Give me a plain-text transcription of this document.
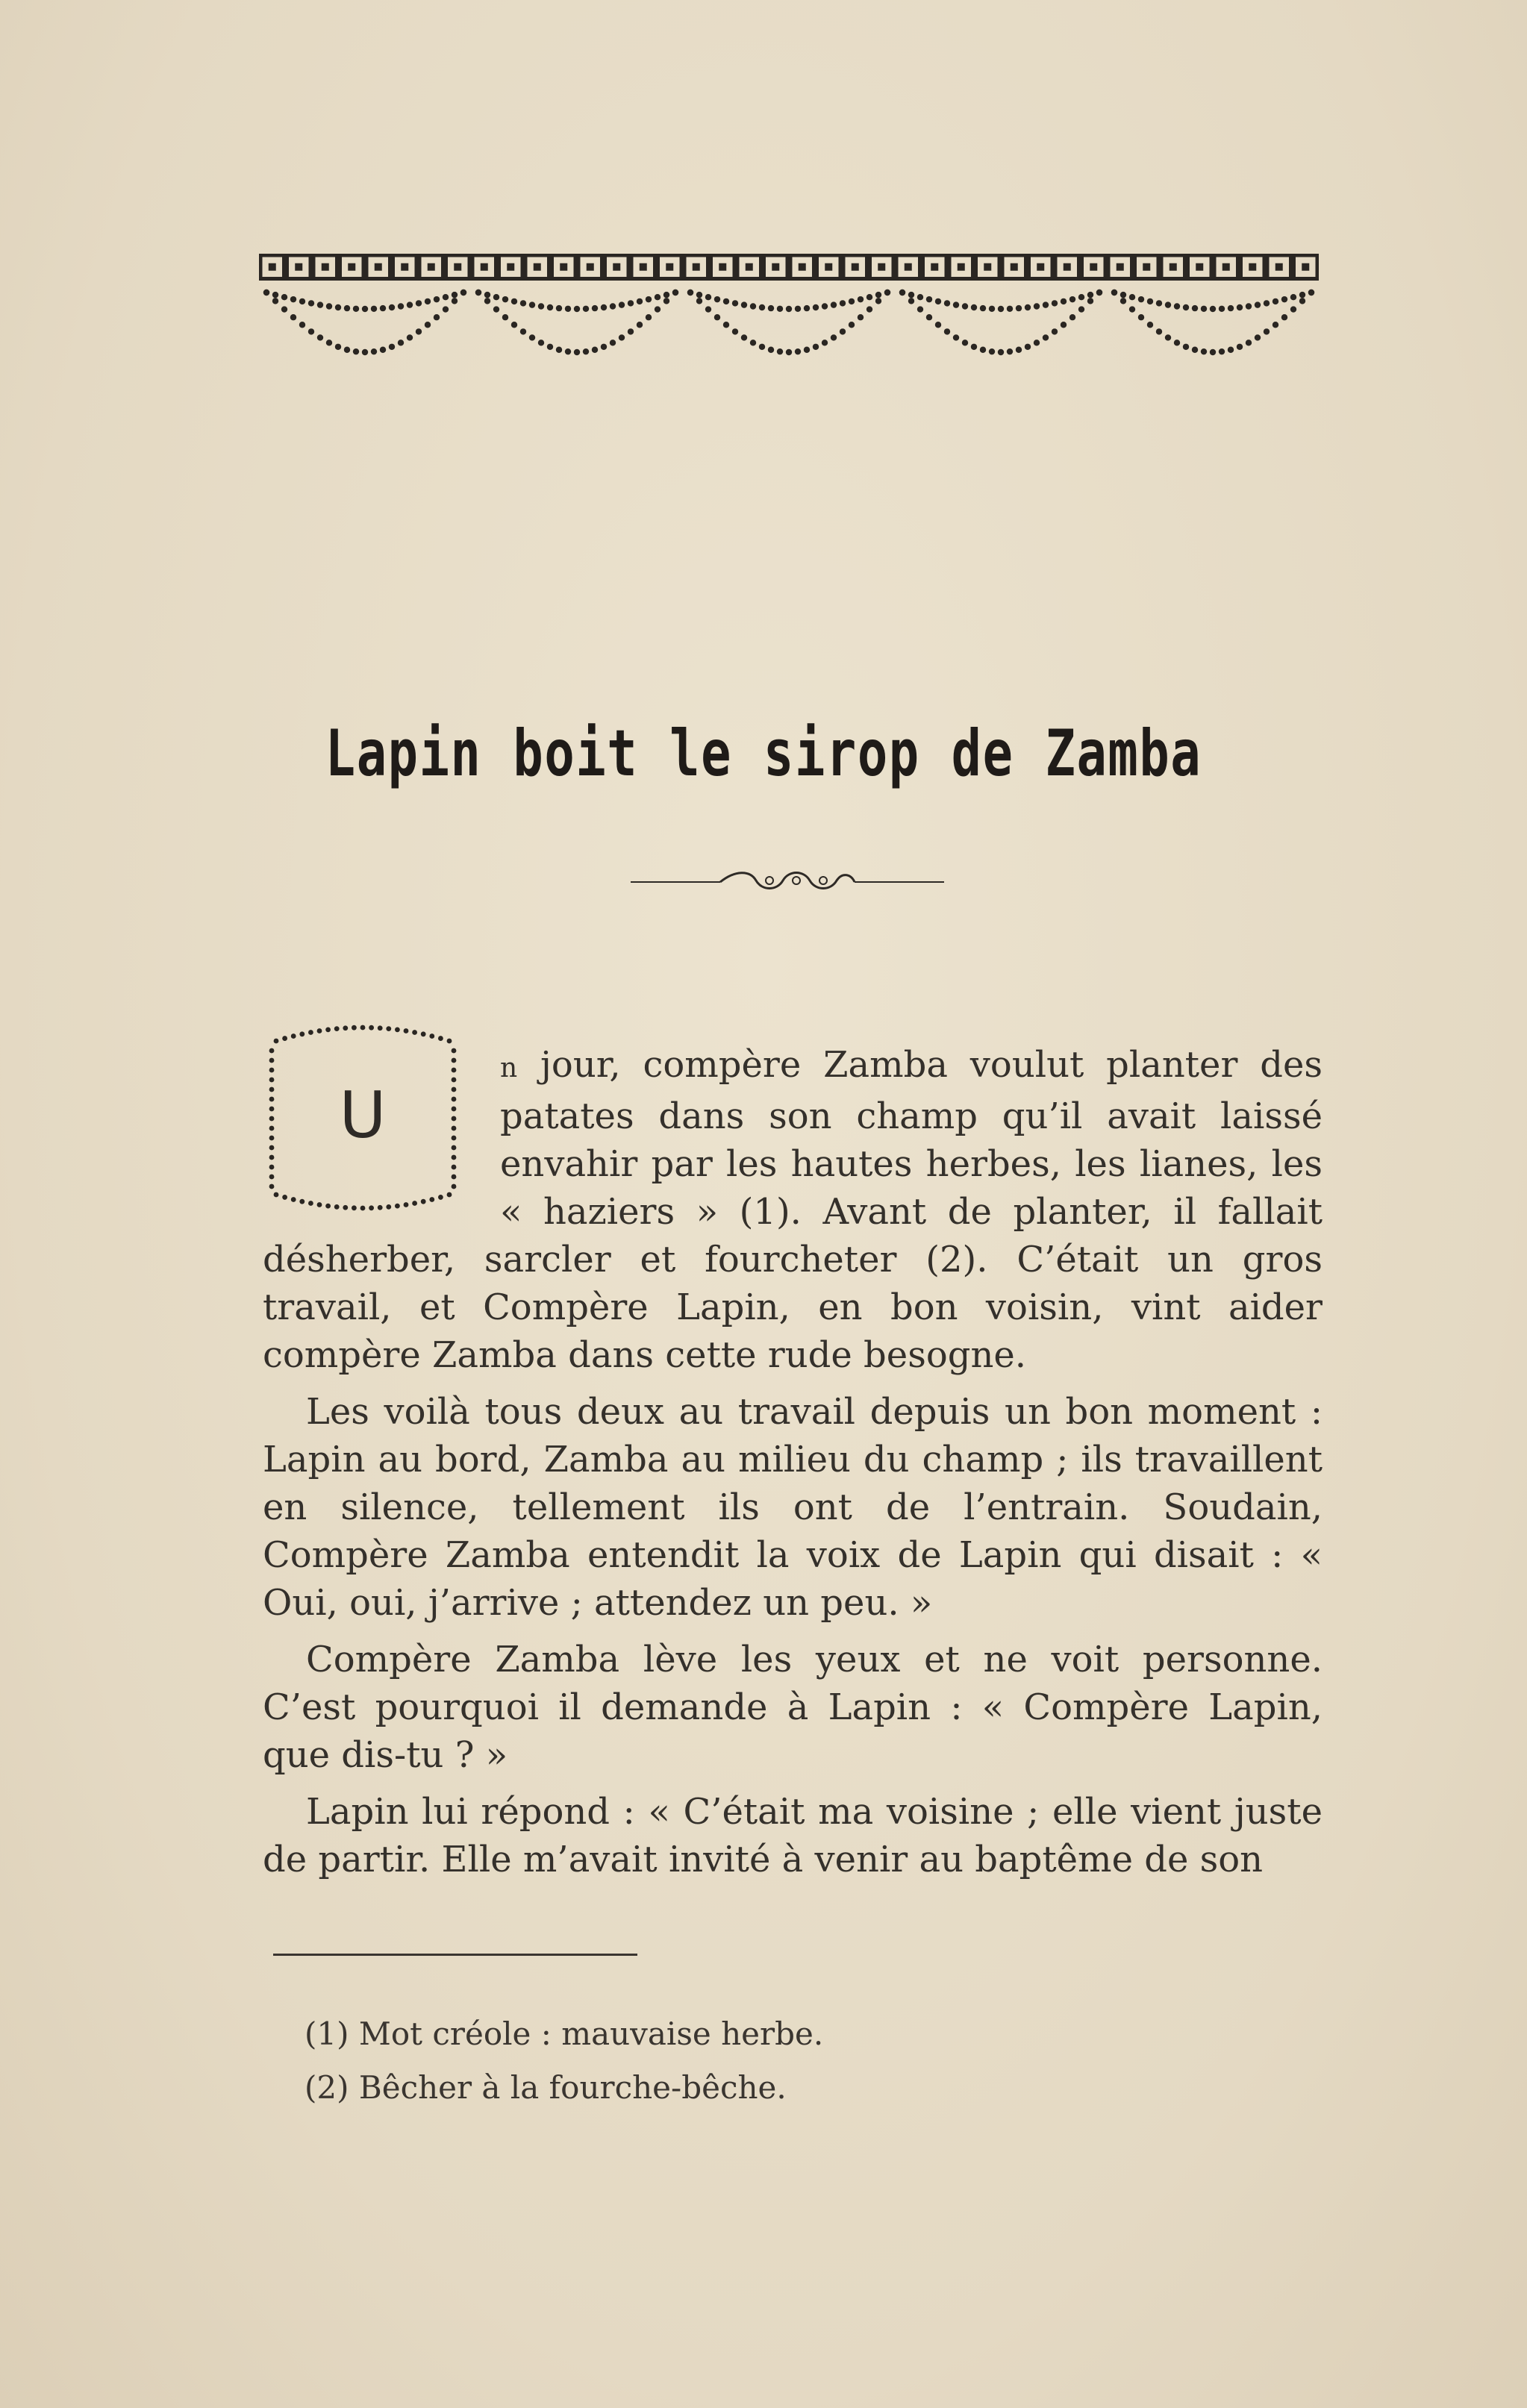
Lapin boit le sirop de Zamba
U

n jour, compère Zamba voulut planter des patates dans son champ qu’il avait laissé envahir par les hautes herbes, les lianes, les « haziers » (1). Avant de planter, il fallait désherber, sarcler et fourcheter (2). C’était un gros travail, et Compère Lapin, en bon voisin, vint aider compère Zamba dans cette rude besogne.

Les voilà tous deux au travail depuis un bon moment : Lapin au bord, Zamba au milieu du champ ; ils travaillent en silence, tellement ils ont de l’entrain. Soudain, Compère Zamba entendit la voix de Lapin qui disait : « Oui, oui, j’arrive ; attendez un peu. »

Compère Zamba lève les yeux et ne voit personne. C’est pourquoi il demande à Lapin : « Compère Lapin, que dis-tu ? »

Lapin lui répond : « C’était ma voisine ; elle vient juste de partir. Elle m’avait invité à venir au baptême de son

(1) Mot créole : mauvaise herbe.
(2) Bêcher à la fourche-bêche.
